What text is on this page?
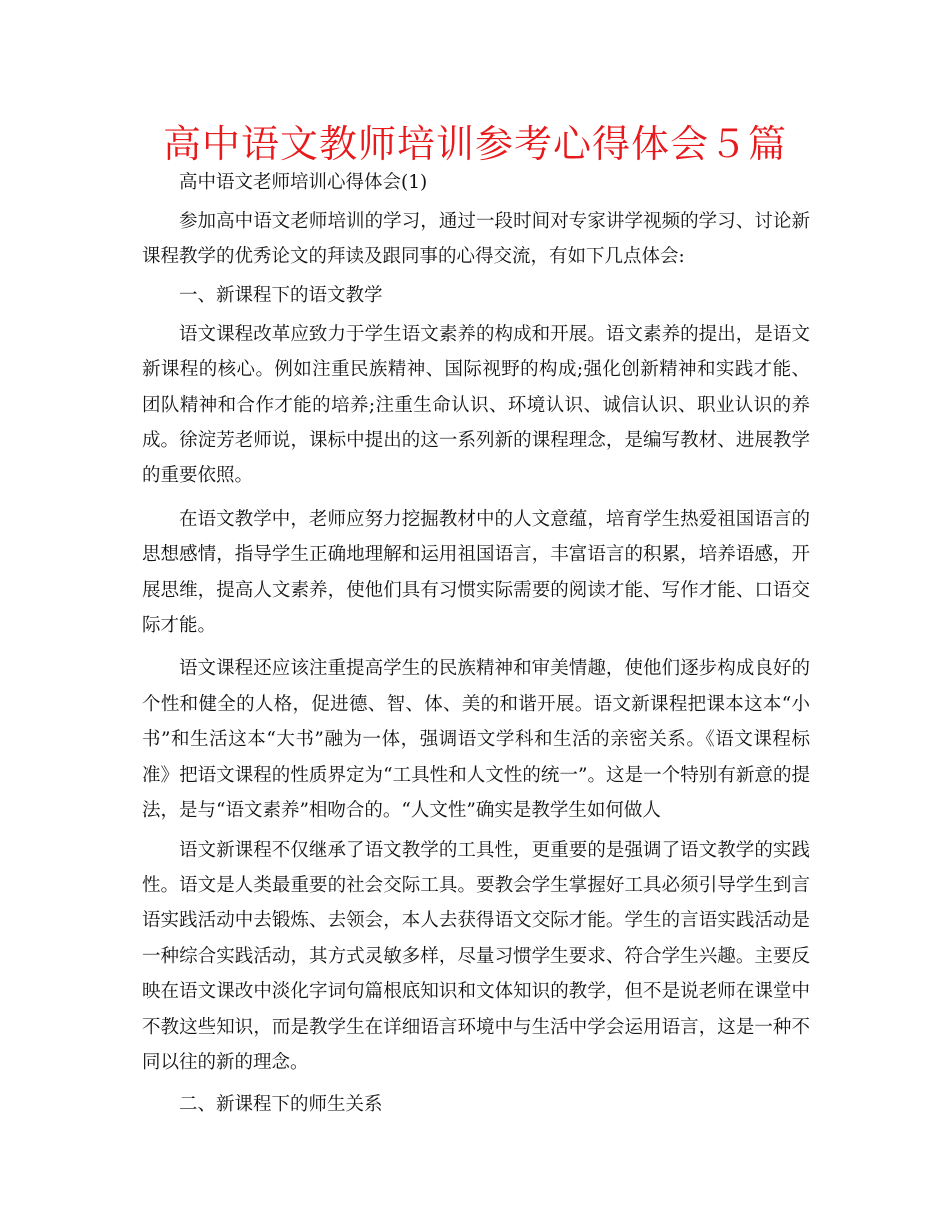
高中语文教师培训参考心得体会５篇
高中语文老师培训心得体会(1)

参加高中语文老师培训的学习，通过一段时间对专家讲学视频的学习、讨论新课程教学的优秀论文的拜读及跟同事的心得交流，有如下几点体会:

一、新课程下的语文教学

语文课程改革应致力于学生语文素养的构成和开展。语文素养的提出，是语文新课程的核心。例如注重民族精神、国际视野的构成;强化创新精神和实践才能、团队精神和合作才能的培养;注重生命认识、环境认识、诚信认识、职业认识的养成。徐淀芳老师说，课标中提出的这一系列新的课程理念，是编写教材、进展教学的重要依照。

在语文教学中，老师应努力挖掘教材中的人文意蕴，培育学生热爱祖国语言的思想感情，指导学生正确地理解和运用祖国语言，丰富语言的积累，培养语感，开展思维，提高人文素养，使他们具有习惯实际需要的阅读才能、写作才能、口语交际才能。

语文课程还应该注重提高学生的民族精神和审美情趣，使他们逐步构成良好的个性和健全的人格，促进德、智、体、美的和谐开展。语文新课程把课本这本“小书”和生活这本“大书”融为一体，强调语文学科和生活的亲密关系。《语文课程标准》把语文课程的性质界定为“工具性和人文性的统一”。这是一个特别有新意的提法，是与“语文素养”相吻合的。“人文性”确实是教学生如何做人

语文新课程不仅继承了语文教学的工具性，更重要的是强调了语文教学的实践性。语文是人类最重要的社会交际工具。要教会学生掌握好工具必须引导学生到言语实践活动中去锻炼、去领会，本人去获得语文交际才能。学生的言语实践活动是一种综合实践活动，其方式灵敏多样，尽量习惯学生要求、符合学生兴趣。主要反映在语文课改中淡化字词句篇根底知识和文体知识的教学，但不是说老师在课堂中不教这些知识，而是教学生在详细语言环境中与生活中学会运用语言，这是一种不同以往的新的理念。

二、新课程下的师生关系
